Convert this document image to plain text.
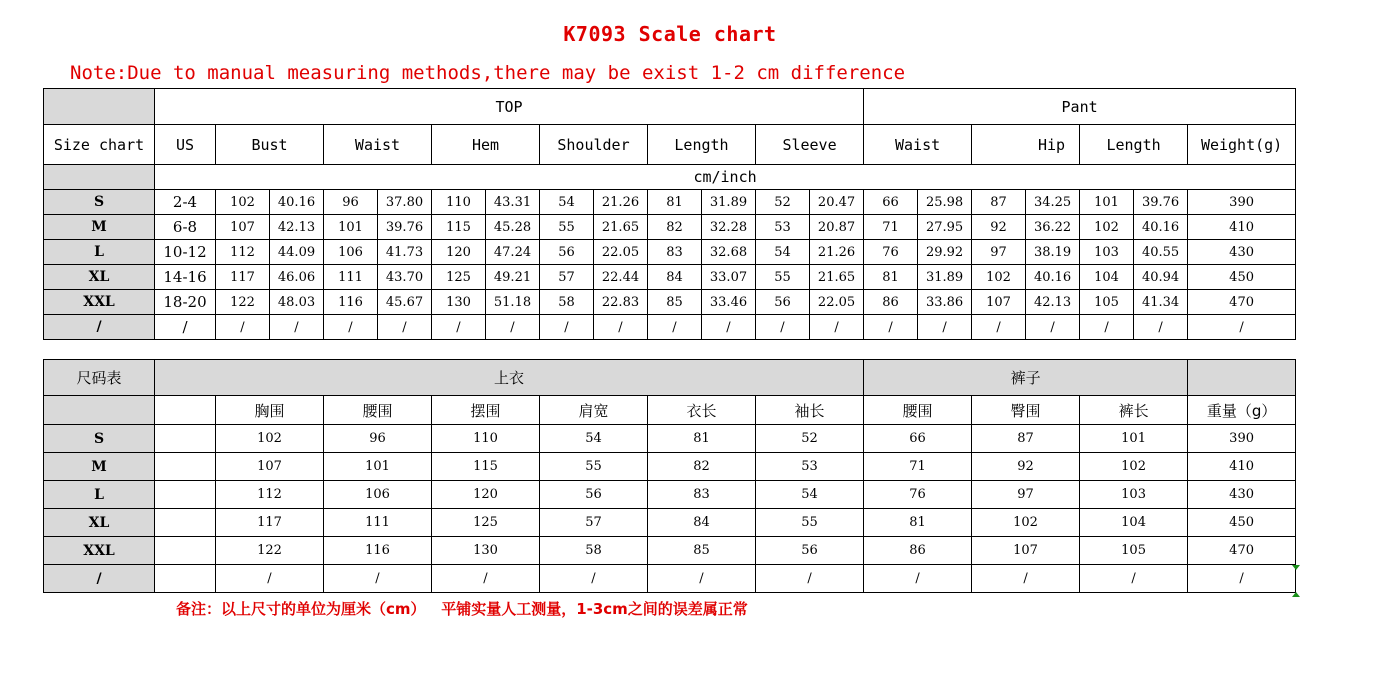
K7093 Scale chart
Note:Due to manual measuring methods,there may be exist 1-2 cm difference
	TOP													Pant						
Size chart	US	Bust		Waist		Hem		Shoulder		Length		Sleeve		Waist		Hip		Length		Weight(g)
	cm/inch																			
S	2-4	102	40.16	96	37.80	110	43.31	54	21.26	81	31.89	52	20.47	66	25.98	87	34.25	101	39.76	390
M	6-8	107	42.13	101	39.76	115	45.28	55	21.65	82	32.28	53	20.87	71	27.95	92	36.22	102	40.16	410
L	10-12	112	44.09	106	41.73	120	47.24	56	22.05	83	32.68	54	21.26	76	29.92	97	38.19	103	40.55	430
XL	14-16	117	46.06	111	43.70	125	49.21	57	22.44	84	33.07	55	21.65	81	31.89	102	40.16	104	40.94	450
XXL	18-20	122	48.03	116	45.67	130	51.18	58	22.83	85	33.46	56	22.05	86	33.86	107	42.13	105	41.34	470
/	/	/	/	/	/	/	/	/	/	/	/	/	/	/	/	/	/	/	/	/
尺码表	上衣							裤子			
		胸围	腰围	摆围	肩宽	衣长	袖长	腰围	臀围	裤长	重量（g）
S		102	96	110	54	81	52	66	87	101	390
M		107	101	115	55	82	53	71	92	102	410
L		112	106	120	56	83	54	76	97	103	430
XL		117	111	125	57	84	55	81	102	104	450
XXL		122	116	130	58	85	56	86	107	105	470
/		/	/	/	/	/	/	/	/	/	/
备注：以上尺寸的单位为厘米（cm）   平铺实量人工测量，1-3cm之间的误差属正常
